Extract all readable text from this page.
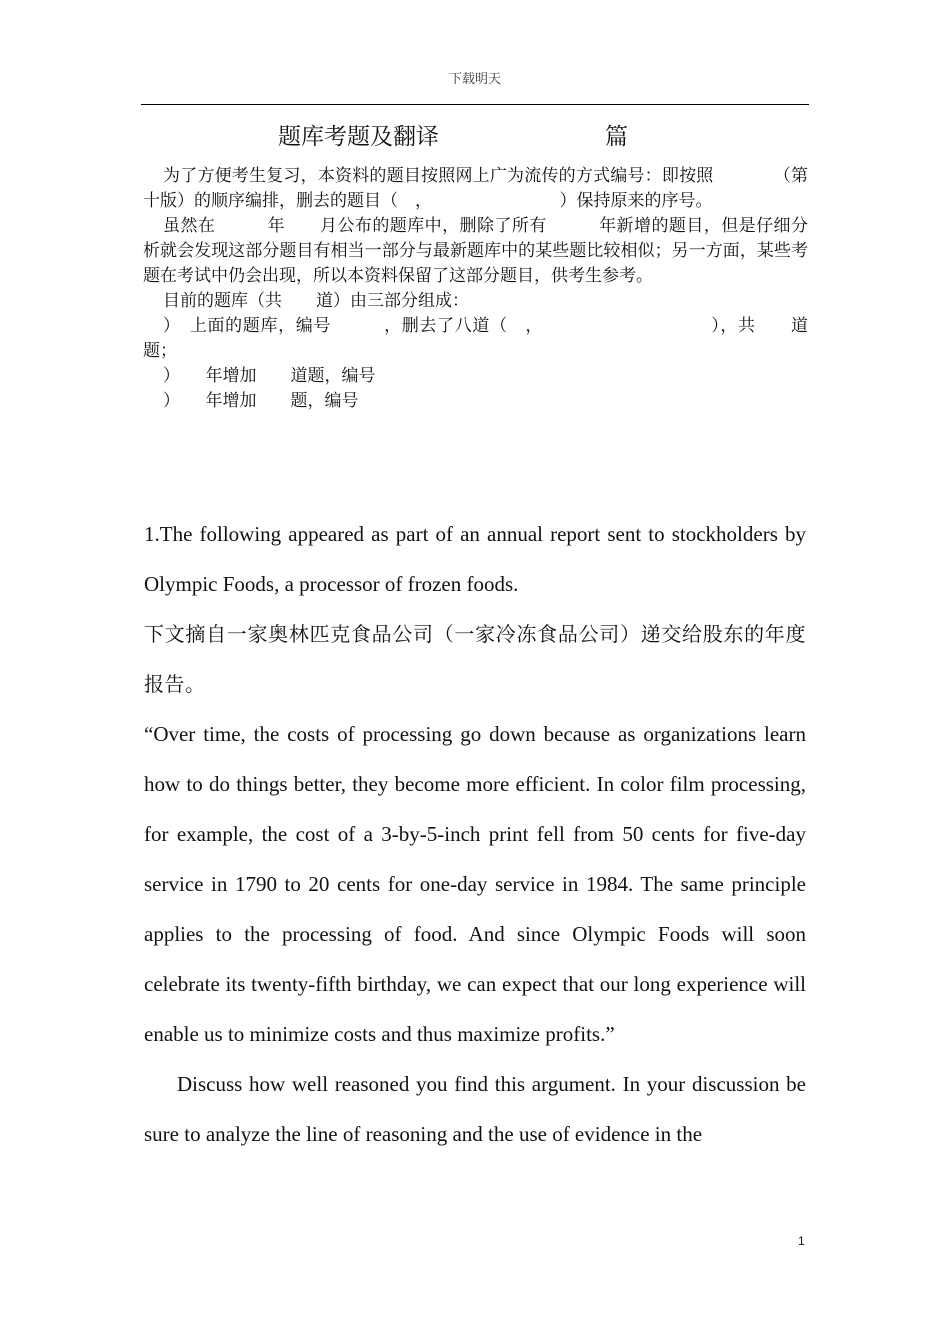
下载明天
题库考题及翻译	篇

为了方便考生复习，本资料的题目按照网上广为流传的方式编号：即按照　　　　（第十版）的顺序编排，删去的题目（　，　　　　　　　　）保持原来的序号。

虽然在　　　年　　月公布的题库中，删除了所有　　　年新增的题目，但是仔细分析就会发现这部分题目有相当一部分与最新题库中的某些题比较相似；另一方面，某些考题在考试中仍会出现，所以本资料保留了这部分题目，供考生参考。

目前的题库（共　　道）由三部分组成：

）　上面的题库，编号　　　，删去了八道（　，　　　　　　　　　　），共　　道题；

）　　年增加　　道题，编号

）　　年增加　　题，编号

1.The following appeared as part of an annual report sent to stockholders by Olympic Foods, a processor of frozen foods.

下文摘自一家奥林匹克食品公司（一家冷冻食品公司）递交给股东的年度报告。

“Over time, the costs of processing go down because as organizations learn how to do things better, they become more efficient. In color film processing, for example, the cost of a 3-by-5-inch print fell from 50 cents for five-day service in 1790 to 20 cents for one-day service in 1984. The same principle applies to the processing of food. And since Olympic Foods will soon celebrate its twenty-fifth birthday, we can expect that our long experience will enable us to minimize costs and thus maximize profits.”

Discuss how well reasoned you find this argument. In your discussion be sure to analyze the line of reasoning and the use of evidence in the

1
